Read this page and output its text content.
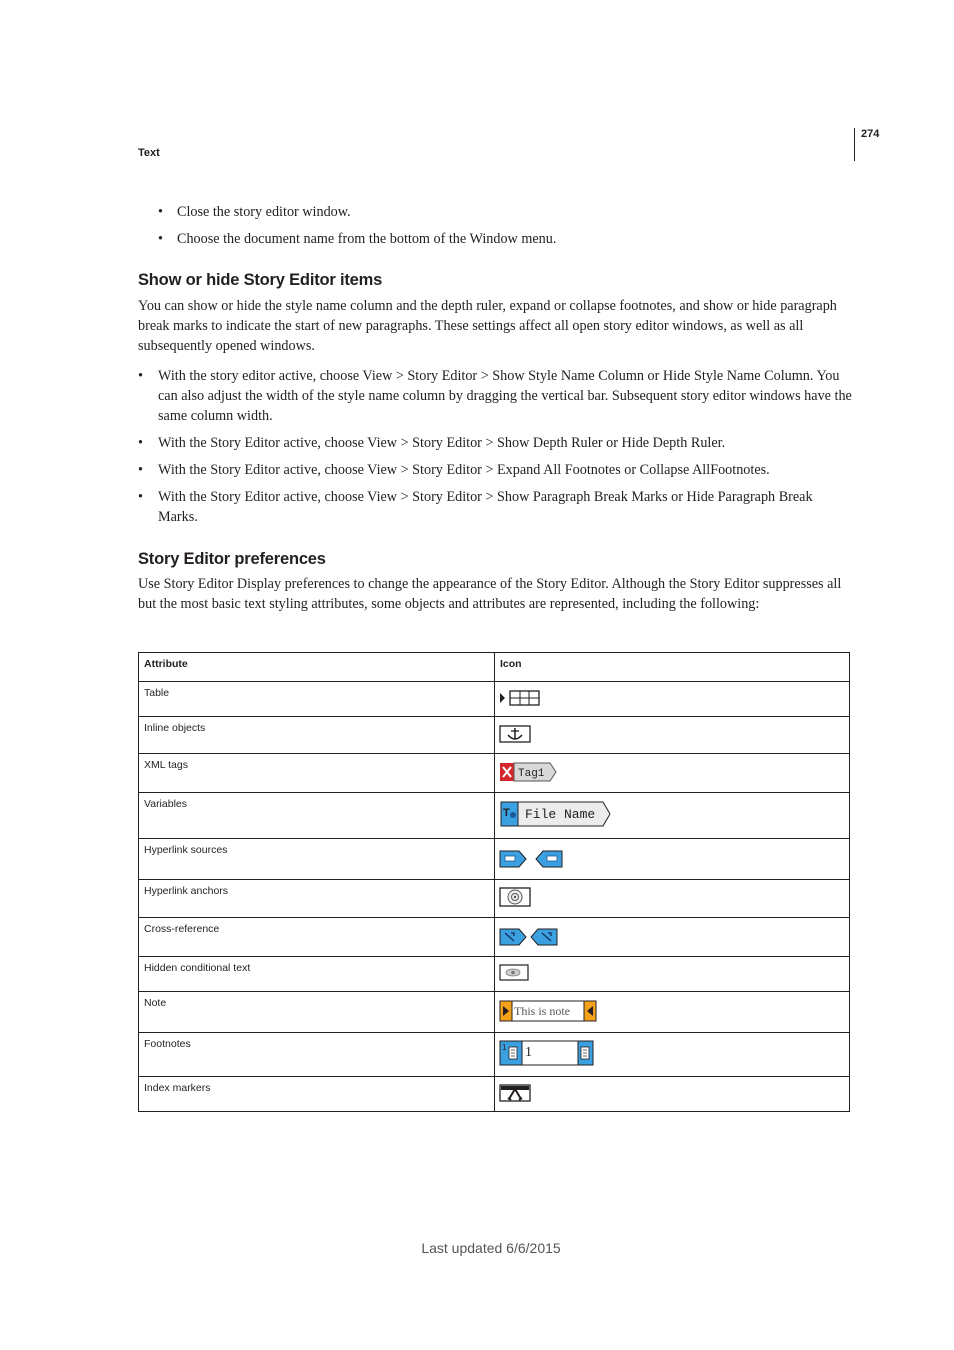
274
Text
• Close the story editor window.
• Choose the document name from the bottom of the Window menu.
Show or hide Story Editor items

You can show or hide the style name column and the depth ruler, expand or collapse footnotes, and show or hide paragraph break marks to indicate the start of new paragraphs. These settings affect all open story editor windows, as well as all subsequently opened windows.

•	With the story editor active, choose View > Story Editor > Show Style Name Column or Hide Style Name Column. You can also adjust the width of the style name column by dragging the vertical bar. Subsequent story editor windows have the same column width.
•	With the Story Editor active, choose View > Story Editor > Show Depth Ruler or Hide Depth Ruler.
•	With the Story Editor active, choose View > Story Editor > Expand All Footnotes or Collapse AllFootnotes.
•	With the Story Editor active, choose View > Story Editor > Show Paragraph Break Marks or Hide Paragraph Break Marks.
Story Editor preferences

Use Story Editor Display preferences to change the appearance of the Story Editor. Although the Story Editor suppresses all but the most basic text styling attributes, some objects and attributes are represented, including the following:

Attribute	Icon
Table	
Inline objects	
XML tags	Tag1

Variables	T File Name

Hyperlink sources	

Hyperlink anchors	
Cross-reference	

Hidden conditional text	
Note	This is note

Footnotes	1 1

Index markers	
Last updated 6/6/2015
